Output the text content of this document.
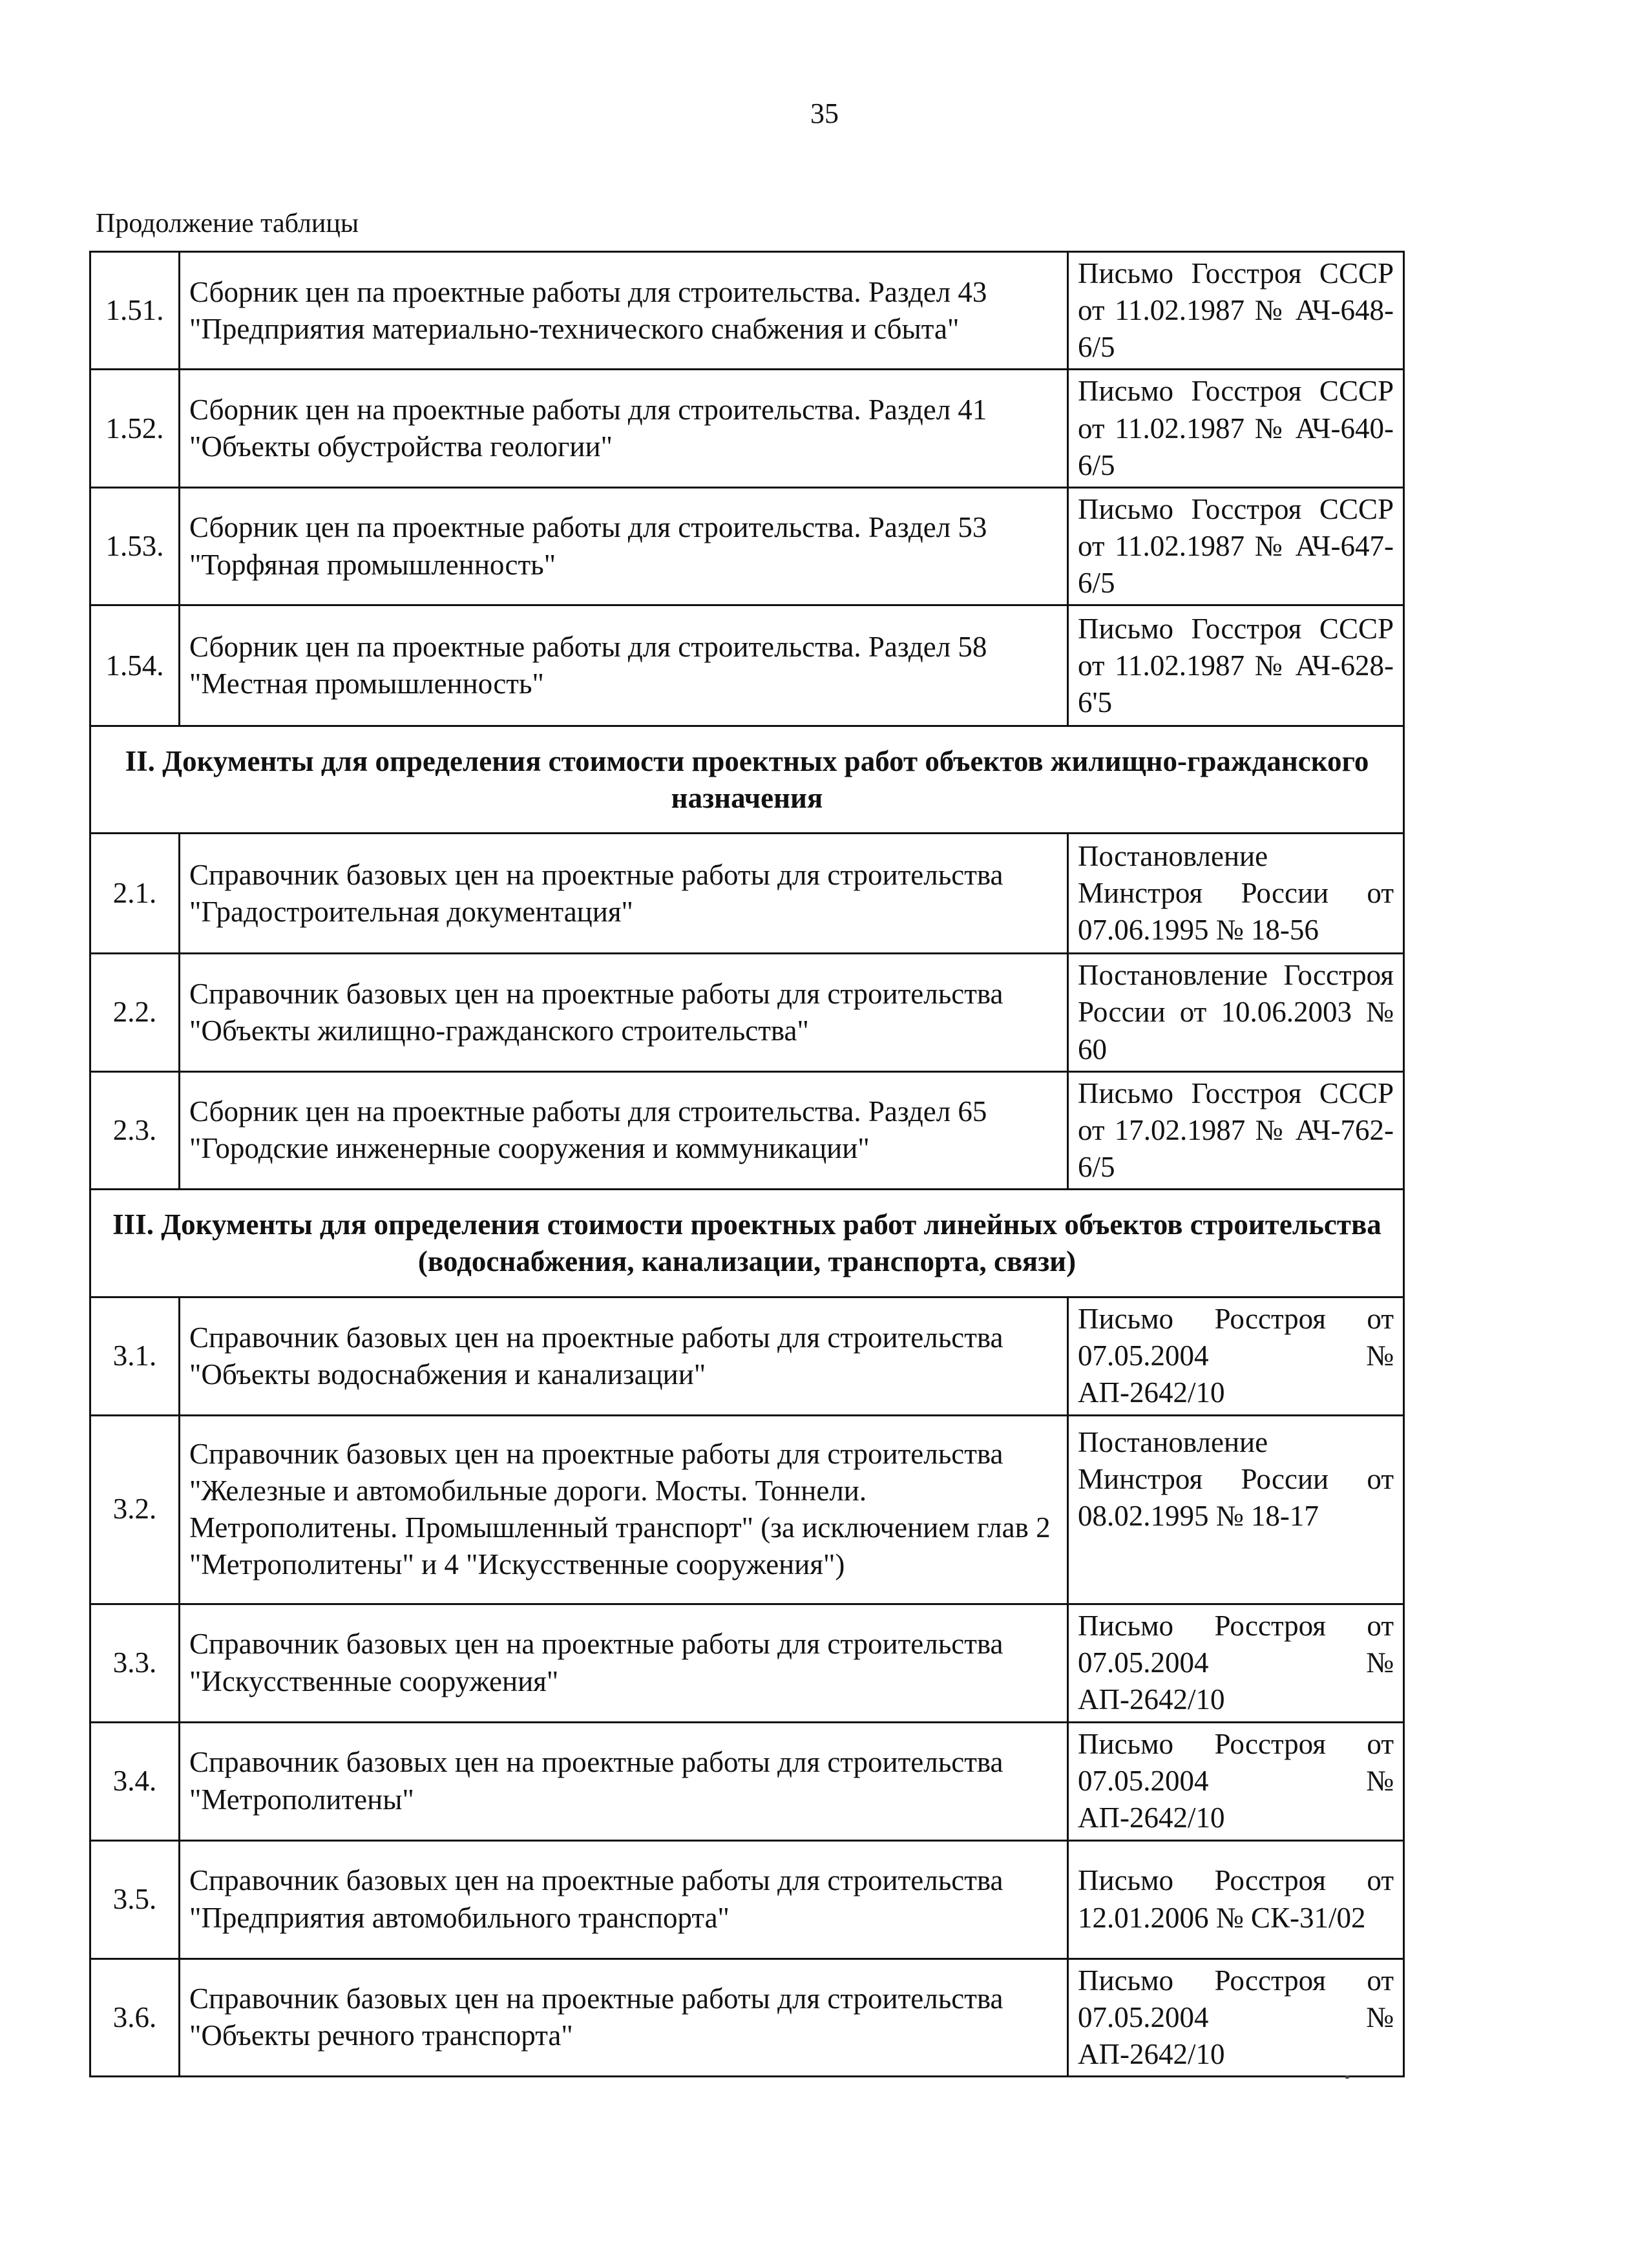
35
Продолжение таблицы
1.51.	Сборник цен па проектные работы для строительства. Раздел 43 "Предприятия материально-технического снабжения и сбыта"	Письмо Госстроя СССР от 11.02.1987 № АЧ-648-6/5
1.52.	Сборник цен на проектные работы для строительства. Раздел 41 "Объекты обустройства геологии"	Письмо Госстроя СССР от 11.02.1987 № АЧ-640-6/5
1.53.	Сборник цен па проектные работы для строительства. Раздел 53 "Торфяная промышленность"	Письмо Госстроя СССР от 11.02.1987 № АЧ-647-6/5
1.54.	Сборник цен па проектные работы для строительства. Раздел 58 "Местная промышленность"	Письмо Госстроя СССР от 11.02.1987 № АЧ-628-6'5
II. Документы для определения стоимости проектных работ объектов жилищно-гражданского назначения		
2.1.	Справочник базовых цен на проектные работы для строительства "Градостроительная документация"	Постановление Минстроя России от 07.06.1995 № 18-56
2.2.	Справочник базовых цен на проектные работы для строительства "Объекты жилищно-гражданского строительства"	Постановление Госстроя России от 10.06.2003 № 60
2.3.	Сборник цен на проектные работы для строительства. Раздел 65 "Городские инженерные сооружения и коммуникации"	Письмо Госстроя СССР от 17.02.1987 № АЧ-762-6/5
III. Документы для определения стоимости проектных работ линейных объектов строительства (водоснабжения, канализации, транспорта, связи)		
3.1.	Справочник базовых цен на проектные работы для строительства "Объекты водоснабжения и канализации"	Письмо Росстроя от 07.05.2004 № АП-2642/10
3.2.	Справочник базовых цен на проектные работы для строительства "Железные и автомобильные дороги. Мосты. Тоннели. Метрополитены. Промышленный транспорт" (за исключением глав 2 "Метрополитены" и 4 "Искусственные сооружения")	Постановление Минстроя России от 08.02.1995 № 18-17
3.3.	Справочник базовых цен на проектные работы для строительства "Искусственные сооружения"	Письмо Росстроя от 07.05.2004 № АП-2642/10
3.4.	Справочник базовых цен на проектные работы для строительства "Метрополитены"	Письмо Росстроя от 07.05.2004 № АП-2642/10
3.5.	Справочник базовых цен на проектные работы для строительства "Предприятия автомобильного транспорта"	Письмо Росстроя от 12.01.2006 № СК-31/02
3.6.	Справочник базовых цен на проектные работы для строительства "Объекты речного транспорта"	Письмо Росстроя от 07.05.2004 № АП-2642/10
